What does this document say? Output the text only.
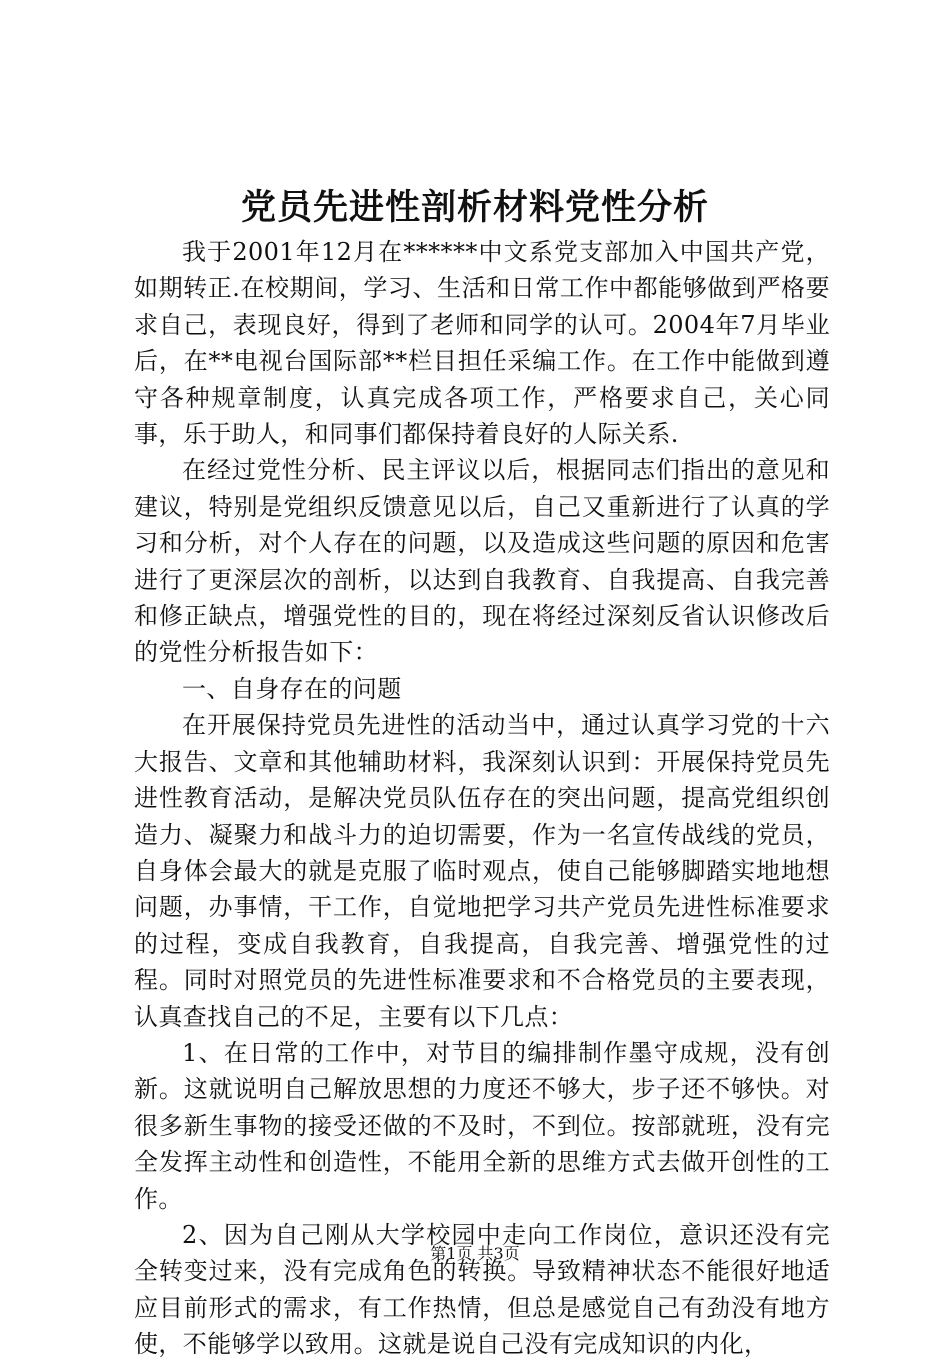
党员先进性剖析材料党性分析

我于2001年12月在******中文系党支部加入中国共产党，如期转正.在校期间，学习、生活和日常工作中都能够做到严格要求自己，表现良好，得到了老师和同学的认可。2004年7月毕业后，在**电视台国际部**栏目担任采编工作。在工作中能做到遵守各种规章制度，认真完成各项工作，严格要求自己，关心同事，乐于助人，和同事们都保持着良好的人际关系.

在经过党性分析、民主评议以后，根据同志们指出的意见和建议，特别是党组织反馈意见以后，自己又重新进行了认真的学习和分析，对个人存在的问题，以及造成这些问题的原因和危害进行了更深层次的剖析，以达到自我教育、自我提高、自我完善和修正缺点，增强党性的目的，现在将经过深刻反省认识修改后的党性分析报告如下：

一、自身存在的问题

在开展保持党员先进性的活动当中，通过认真学习党的十六大报告、文章和其他辅助材料，我深刻认识到：开展保持党员先进性教育活动，是解决党员队伍存在的突出问题，提高党组织创造力、凝聚力和战斗力的迫切需要，作为一名宣传战线的党员，自身体会最大的就是克服了临时观点，使自己能够脚踏实地地想问题，办事情，干工作，自觉地把学习共产党员先进性标准要求的过程，变成自我教育，自我提高，自我完善、增强党性的过程。同时对照党员的先进性标准要求和不合格党员的主要表现，认真查找自己的不足，主要有以下几点：

1、在日常的工作中，对节目的编排制作墨守成规，没有创新。这就说明自己解放思想的力度还不够大，步子还不够快。对很多新生事物的接受还做的不及时，不到位。按部就班，没有完全发挥主动性和创造性，不能用全新的思维方式去做开创性的工作。

2、因为自己刚从大学校园中走向工作岗位，意识还没有完全转变过来，没有完成角色的转换。导致精神状态不能很好地适应目前形式的需求，有工作热情，但总是感觉自己有劲没有地方使，不能够学以致用。这就是说自己没有完成知识的内化，

第1页 共3页
